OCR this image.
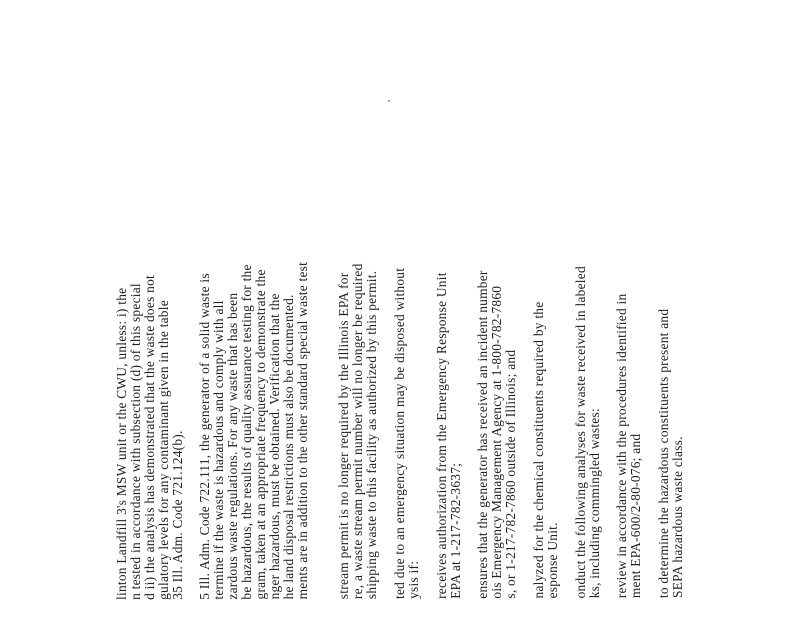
linton Landfill 3's MSW unit or the CWU, unless: i) the
n tested in accordance with subsection (d) of this special
d ii) the analysis has demonstrated that the waste does not
gulatory levels for any contaminant given in the table
35 Ill. Adm. Code 721.124(b). 5 Ill. Adm. Code 722.111, the generator of a solid waste is
termine if the waste is hazardous and comply with all
zardous waste regulations. For any waste that has been
be hazardous, the results of quality assurance testing for the
gram, taken at an appropriate frequency to demonstrate the
nger hazardous, must be obtained. Verification that the
he land disposal restrictions must also be documented.
ments are in addition to the other standard special waste test stream permit is no longer required by the Illinois EPA for
re, a waste stream permit number will no longer be required
shipping waste to this facility as authorized by this permit. ted due to an emergency situation may be disposed without
ysis if: receives authorization from the Emergency Response Unit
EPA at 1-217-782-3637; ensures that the generator has received an incident number
ois Emergency Management Agency at 1-800-782-7860
s, or 1-217-782-7860 outside of Illinois; and nalyzed for the chemical constituents required by the
esponse Unit. onduct the following analyses for waste received in labeled
ks, including commingled wastes: review in accordance with the procedures identified in
ment EPA-600/2-80-076; and to determine the hazardous constituents present and
SEPA hazardous waste class.
